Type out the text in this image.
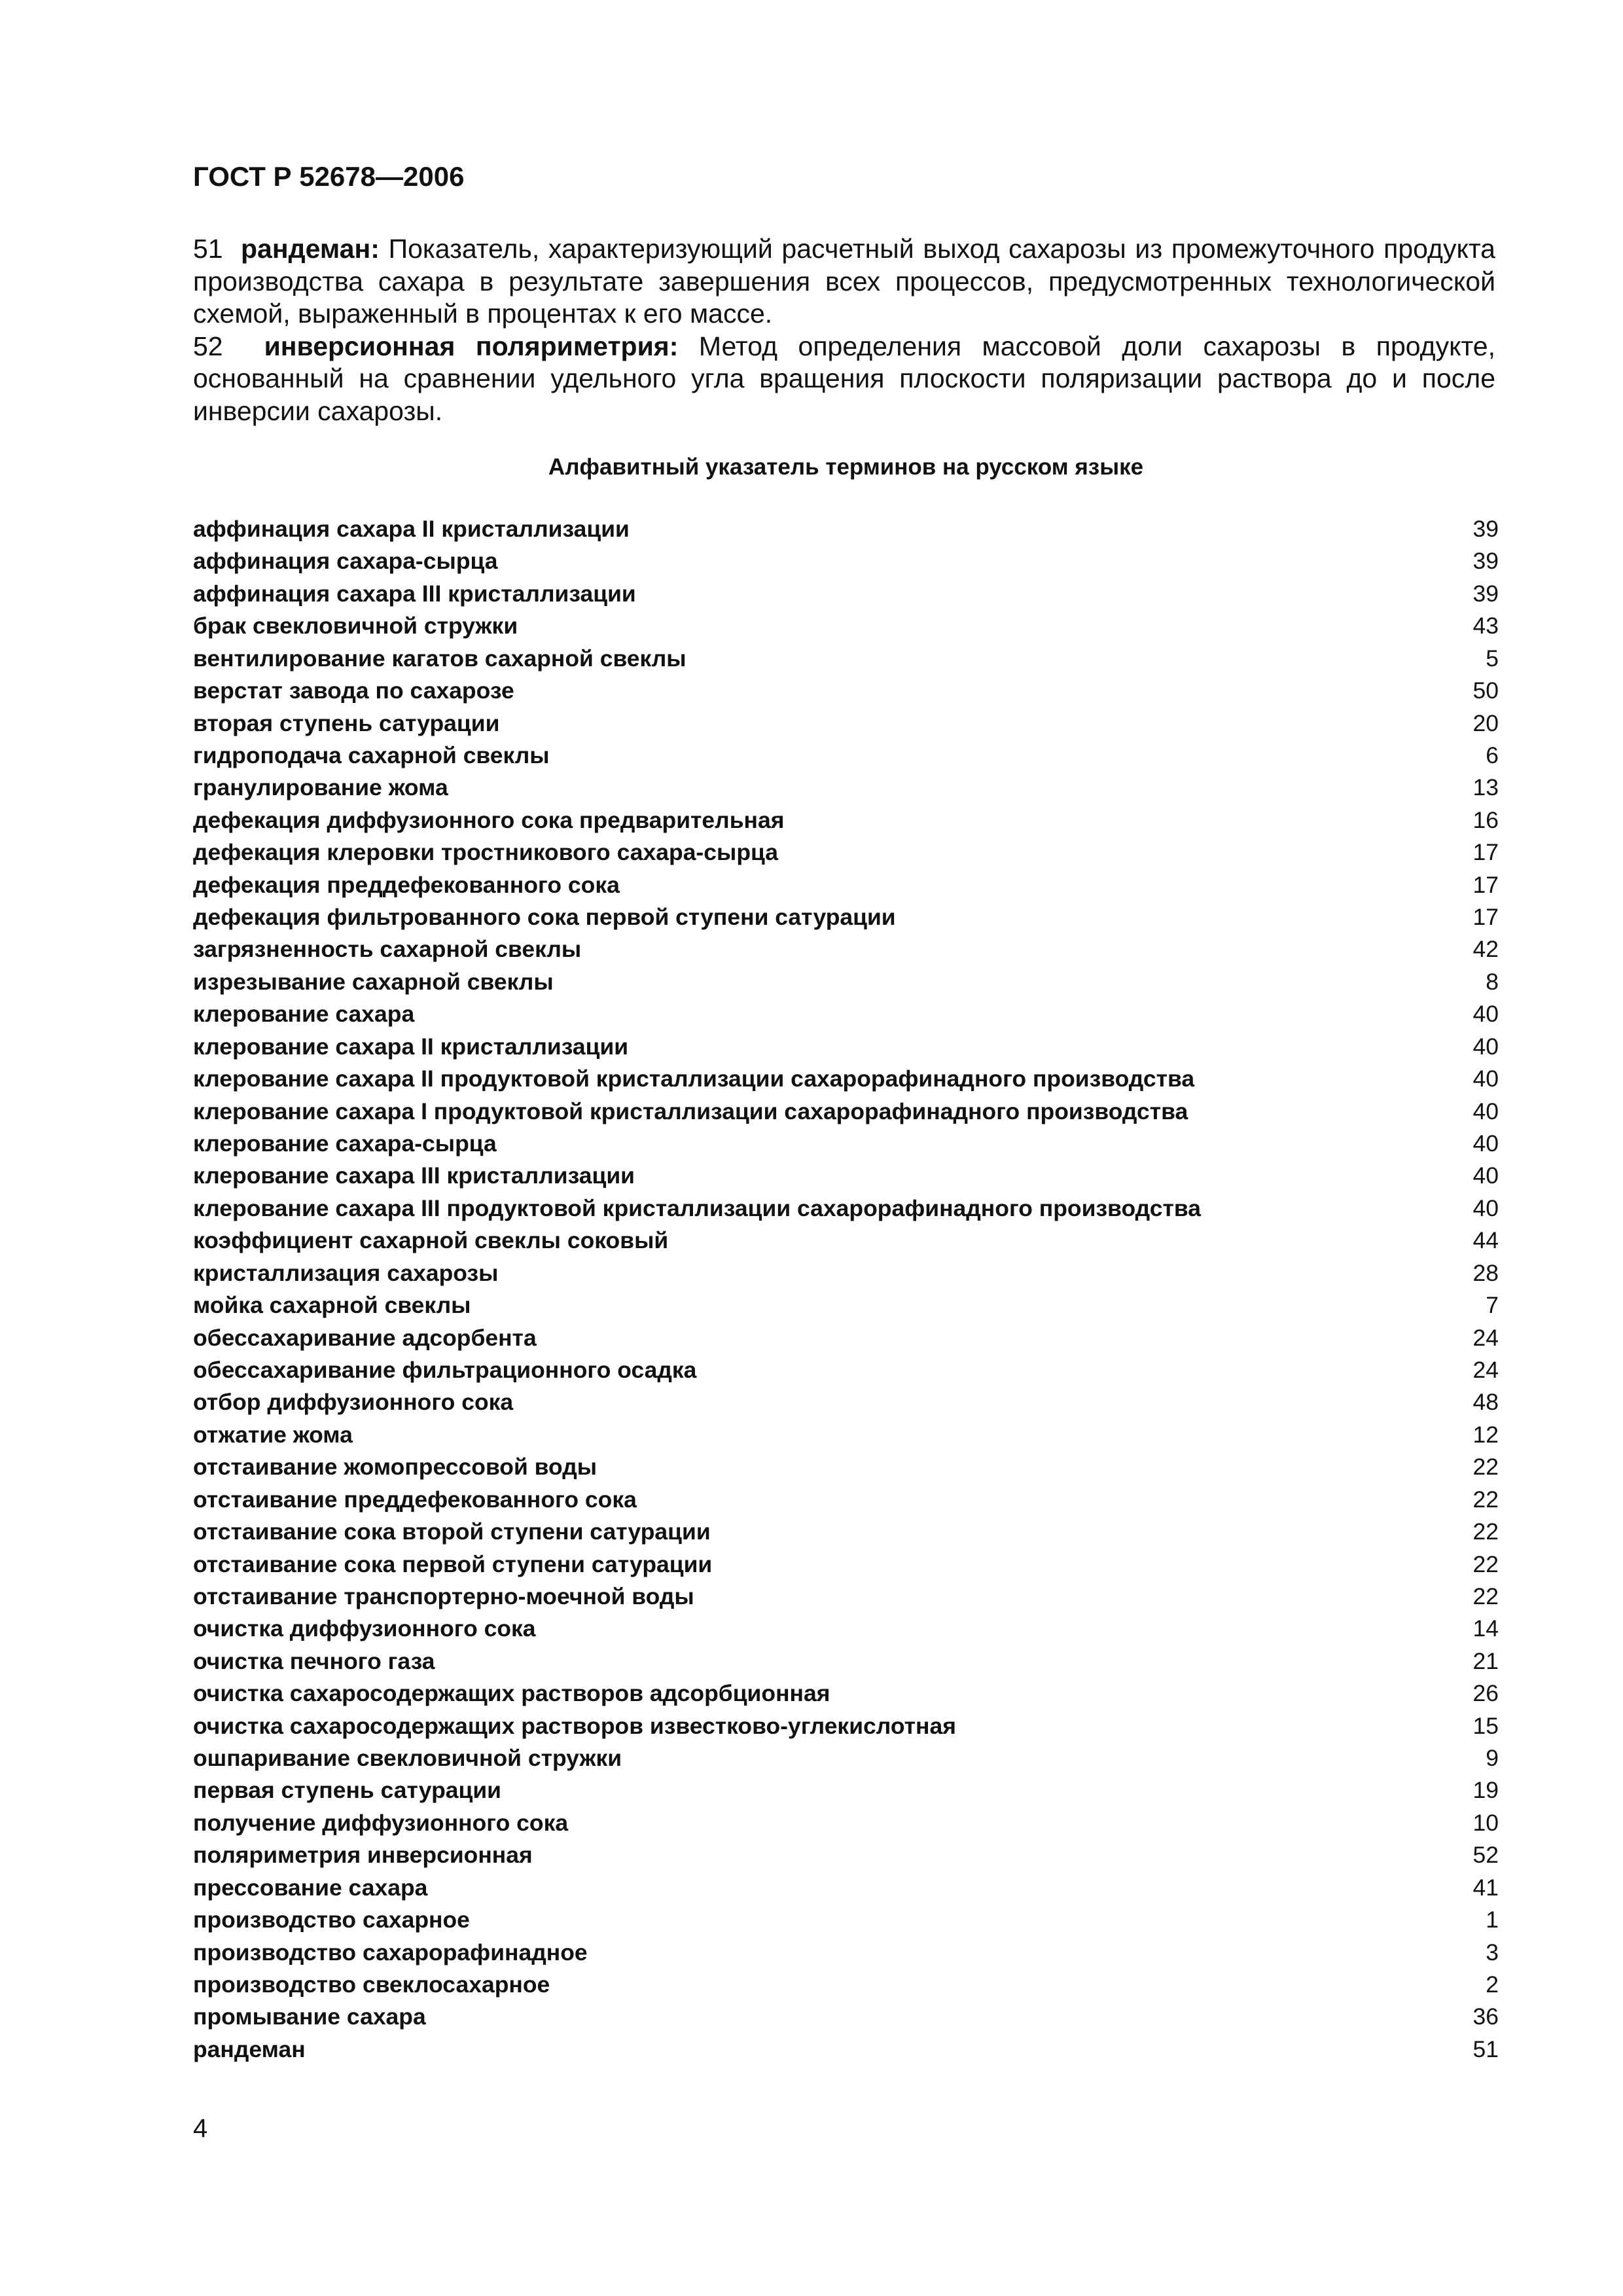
ГОСТ Р 52678—2006

51 рандеман: Показатель, характеризующий расчетный выход сахарозы из промежуточного продукта производства сахара в результате завершения всех процессов, предусмотренных технологической схемой, выраженный в процентах к его массе.

52 инверсионная поляриметрия: Метод определения массовой доли сахарозы в продукте, основанный на сравнении удельного угла вращения плоскости поляризации раствора до и после инверсии сахарозы.

Алфавитный указатель терминов на русском языке
аффинация сахара II кристаллизации	39
аффинация сахара-сырца	39
аффинация сахара III кристаллизации	39
брак свекловичной стружки	43
вентилирование кагатов сахарной свеклы	5
верстат завода по сахарозе	50
вторая ступень сатурации	20
гидроподача сахарной свеклы	6
гранулирование жома	13
дефекация диффузионного сока предварительная	16
дефекация клеровки тростникового сахара-сырца	17
дефекация преддефекованного сока	17
дефекация фильтрованного сока первой ступени сатурации	17
загрязненность сахарной свеклы	42
изрезывание сахарной свеклы	8
клерование сахара	40
клерование сахара II кристаллизации	40
клерование сахара II продуктовой кристаллизации сахарорафинадного производства	40
клерование сахара I продуктовой кристаллизации сахарорафинадного производства	40
клерование сахара-сырца	40
клерование сахара III кристаллизации	40
клерование сахара III продуктовой кристаллизации сахарорафинадного производства	40
коэффициент сахарной свеклы соковый	44
кристаллизация сахарозы	28
мойка сахарной свеклы	7
обессахаривание адсорбента	24
обессахаривание фильтрационного осадка	24
отбор диффузионного сока	48
отжатие жома	12
отстаивание жомопрессовой воды	22
отстаивание преддефекованного сока	22
отстаивание сока второй ступени сатурации	22
отстаивание сока первой ступени сатурации	22
отстаивание транспортерно-моечной воды	22
очистка диффузионного сока	14
очистка печного газа	21
очистка сахаросодержащих растворов адсорбционная	26
очистка сахаросодержащих растворов известково-углекислотная	15
ошпаривание свекловичной стружки	9
первая ступень сатурации	19
получение диффузионного сока	10
поляриметрия инверсионная	52
прессование сахара	41
производство сахарное	1
производство сахарорафинадное	3
производство свеклосахарное	2
промывание сахара	36
рандеман	51
4
